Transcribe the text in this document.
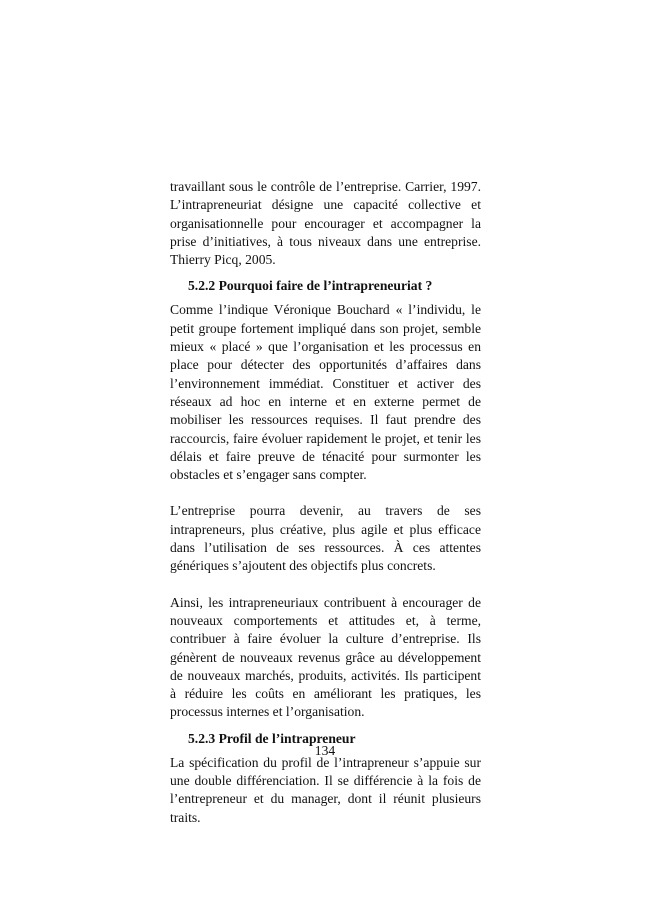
travaillant sous le contrôle de l’entreprise. Carrier, 1997. L’intrapreneuriat désigne une capacité collective et organisationnelle pour encourager et accompagner la prise d’initiatives, à tous niveaux dans une entreprise. Thierry Picq, 2005.

5.2.2 Pourquoi faire de l’intrapreneuriat ?

Comme l’indique Véronique Bouchard « l’individu, le petit groupe fortement impliqué dans son projet, semble mieux « placé » que l’organisation et les processus en place pour détecter des opportunités d’affaires dans l’environnement immédiat. Constituer et activer des réseaux ad hoc en interne et en externe permet de mobiliser les ressources requises. Il faut prendre des raccourcis, faire évoluer rapidement le projet, et tenir les délais et faire preuve de ténacité pour surmonter les obstacles et s’engager sans compter.

L’entreprise pourra devenir, au travers de ses intrapreneurs, plus créative, plus agile et plus efficace dans l’utilisation de ses ressources. À ces attentes génériques s’ajoutent des objectifs plus concrets.

Ainsi, les intrapreneuriaux contribuent à encourager de nouveaux comportements et attitudes et, à terme, contribuer à faire évoluer la culture d’entreprise. Ils génèrent de nouveaux revenus grâce au développement de nouveaux marchés, produits, activités. Ils participent à réduire les coûts en améliorant les pratiques, les processus internes et l’organisation.

5.2.3 Profil de l’intrapreneur

La spécification du profil de l’intrapreneur s’appuie sur une double différenciation. Il se différencie à la fois de l’entrepreneur et du manager, dont il réunit plusieurs traits.

134
